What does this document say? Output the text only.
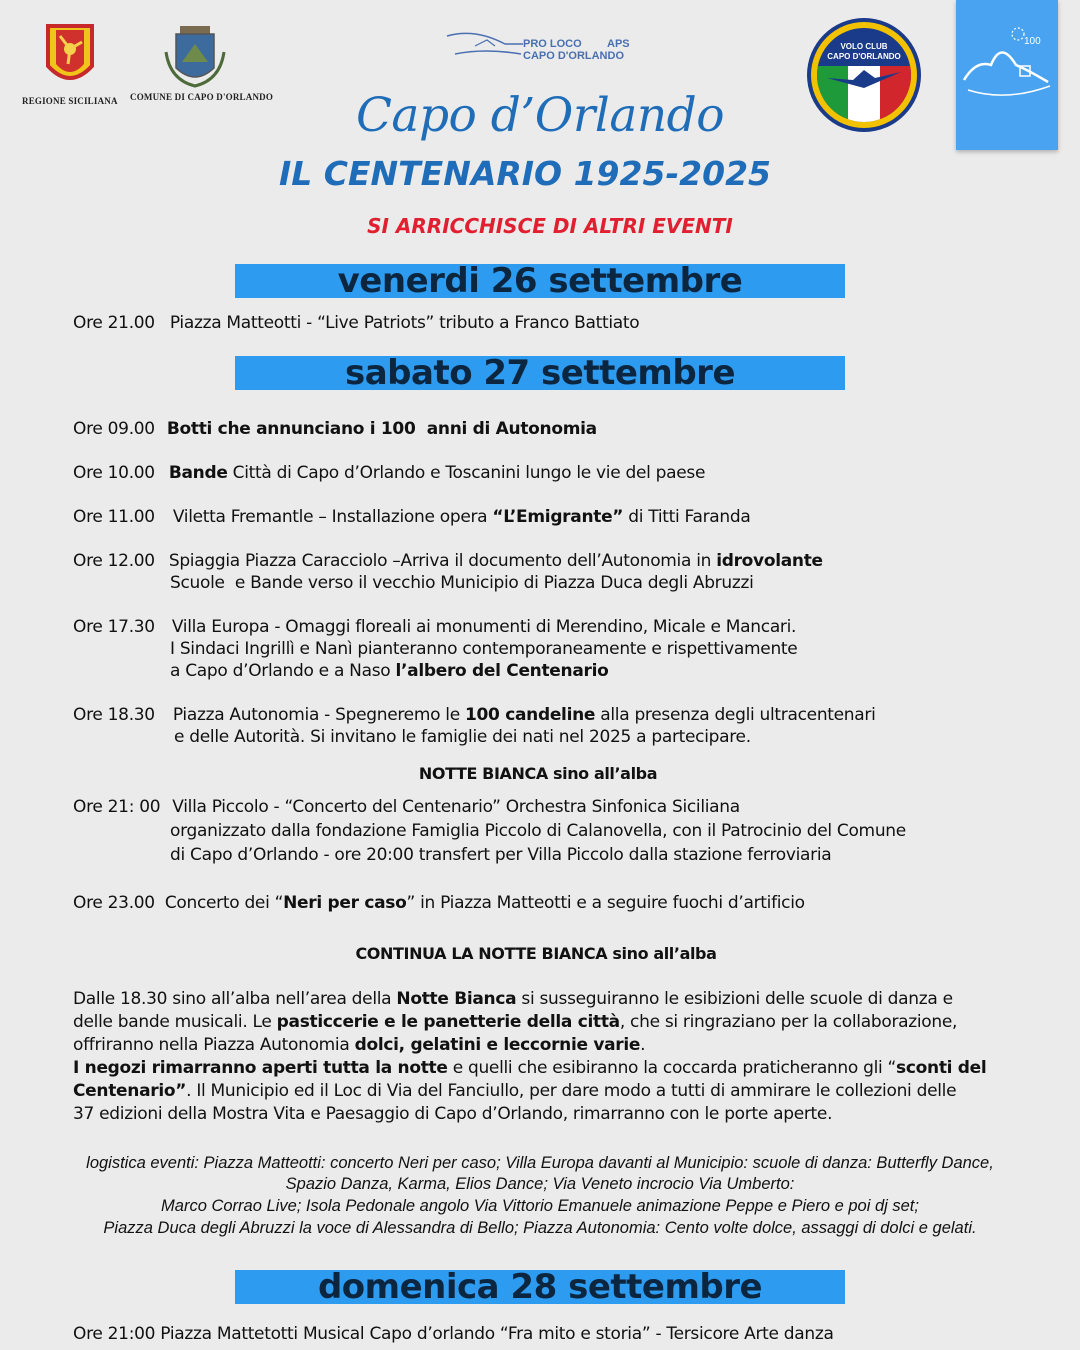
REGIONE SICILIANA COMUNE DI CAPO D'ORLANDO
PRO LOCO APS
CAPO D'ORLANDO
VOLO CLUB
CAPO D'ORLANDO
100
Capo d’Orlando
IL CENTENARIO 1925-2025
SI ARRICCHISCE DI ALTRI EVENTI
venerdi 26 settembre
Ore 21.00 Piazza Matteotti - “Live Patriots” tributo a Franco Battiato
sabato 27 settembre
Ore 09.00 Botti che annunciano i 100  anni di Autonomia
Ore 10.00 Bande Città di Capo d’Orlando e Toscanini lungo le vie del paese
Ore 11.00 Viletta Fremantle – Installazione opera “L’Emigrante” di Titti Faranda
Ore 12.00 Spiaggia Piazza Caracciolo –Arriva il documento dell’Autonomia in idrovolante
Scuole  e Bande verso il vecchio Municipio di Piazza Duca degli Abruzzi
Ore 17.30 Villa Europa - Omaggi floreali ai monumenti di Merendino, Micale e Mancari.
I Sindaci Ingrillì e Nanì pianteranno contemporaneamente e rispettivamente
a Capo d’Orlando e a Naso l’albero del Centenario
Ore 18.30 Piazza Autonomia - Spegneremo le 100 candeline alla presenza degli ultracentenari
e delle Autorità. Si invitano le famiglie dei nati nel 2025 a partecipare.
NOTTE BIANCA sino all’alba
Ore 21: 00 Villa Piccolo - “Concerto del Centenario” Orchestra Sinfonica Siciliana
organizzato dalla fondazione Famiglia Piccolo di Calanovella, con il Patrocinio del Comune
di Capo d’Orlando - ore 20:00 transfert per Villa Piccolo dalla stazione ferroviaria
Ore 23.00 Concerto dei “Neri per caso” in Piazza Matteotti e a seguire fuochi d’artificio
CONTINUA LA NOTTE BIANCA sino all’alba
Dalle 18.30 sino all’alba nell’area della Notte Bianca si susseguiranno le esibizioni delle scuole di danza e
delle bande musicali. Le pasticcerie e le panetterie della città, che si ringraziano per la collaborazione,
offriranno nella Piazza Autonomia dolci, gelatini e leccornie varie.
I negozi rimarranno aperti tutta la notte e quelli che esibiranno la coccarda praticheranno gli “sconti del
Centenario”. Il Municipio ed il Loc di Via del Fanciullo, per dare modo a tutti di ammirare le collezioni delle
37 edizioni della Mostra Vita e Paesaggio di Capo d’Orlando, rimarranno con le porte aperte.
logistica eventi: Piazza Matteotti: concerto Neri per caso; Villa Europa davanti al Municipio: scuole di danza: Butterfly Dance,
Spazio Danza, Karma, Elios Dance; Via Veneto incrocio Via Umberto:
Marco Corrao Live; Isola Pedonale angolo Via Vittorio Emanuele animazione Peppe e Piero e poi dj set;
Piazza Duca degli Abruzzi la voce di Alessandra di Bello; Piazza Autonomia: Cento volte dolce, assaggi di dolci e gelati.
domenica 28 settembre
Ore 21:00 Piazza Mattetotti Musical Capo d’orlando “Fra mito e storia” - Tersicore Arte danza
